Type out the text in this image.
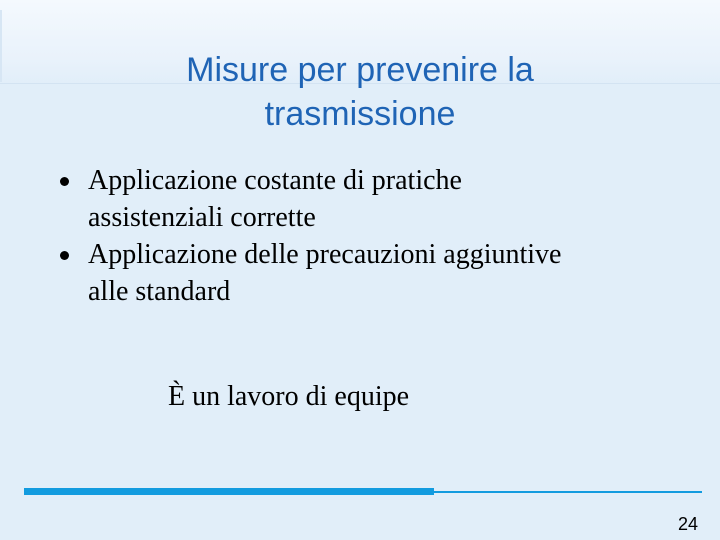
Misure per prevenire la trasmissione
Applicazione costante di pratiche assistenziali corrette
Applicazione delle precauzioni aggiuntive alle standard
È un lavoro di equipe
24
